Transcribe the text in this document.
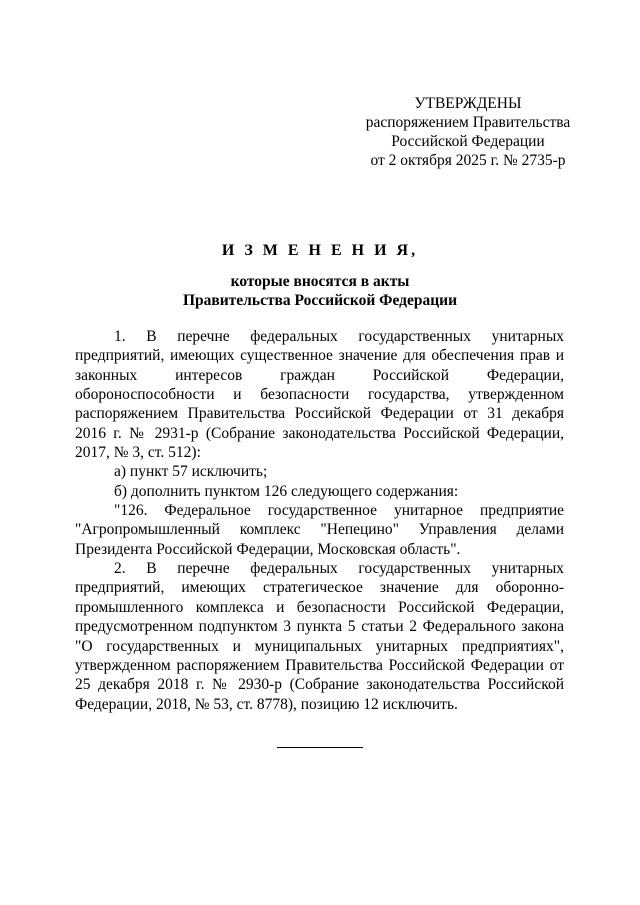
УТВЕРЖДЕНЫ
распоряжением Правительства
Российской Федерации
от 2 октября 2025 г. № 2735-р
И З М Е Н Е Н И Я,
которые вносятся в акты
Правительства Российской Федерации

1. В перечне федеральных государственных унитарных предприятий, имеющих существенное значение для обеспечения прав и законных интересов граждан Российской Федерации, обороноспособности и безопасности государства, утвержденном распоряжением Правительства Российской Федерации от 31 декабря 2016 г. № 2931-р (Собрание законодательства Российской Федерации, 2017, № 3, ст. 512):

а) пункт 57 исключить;

б) дополнить пунктом 126 следующего содержания:

"126. Федеральное государственное унитарное предприятие "Агропромышленный комплекс "Непецино" Управления делами Президента Российской Федерации, Московская область".

2. В перечне федеральных государственных унитарных предприятий, имеющих стратегическое значение для оборонно-промышленного комплекса и безопасности Российской Федерации, предусмотренном подпунктом 3 пункта 5 статьи 2 Федерального закона "О государственных и муниципальных унитарных предприятиях", утвержденном распоряжением Правительства Российской Федерации от 25 декабря 2018 г. № 2930-р (Собрание законодательства Российской Федерации, 2018, № 53, ст. 8778), позицию 12 исключить.
